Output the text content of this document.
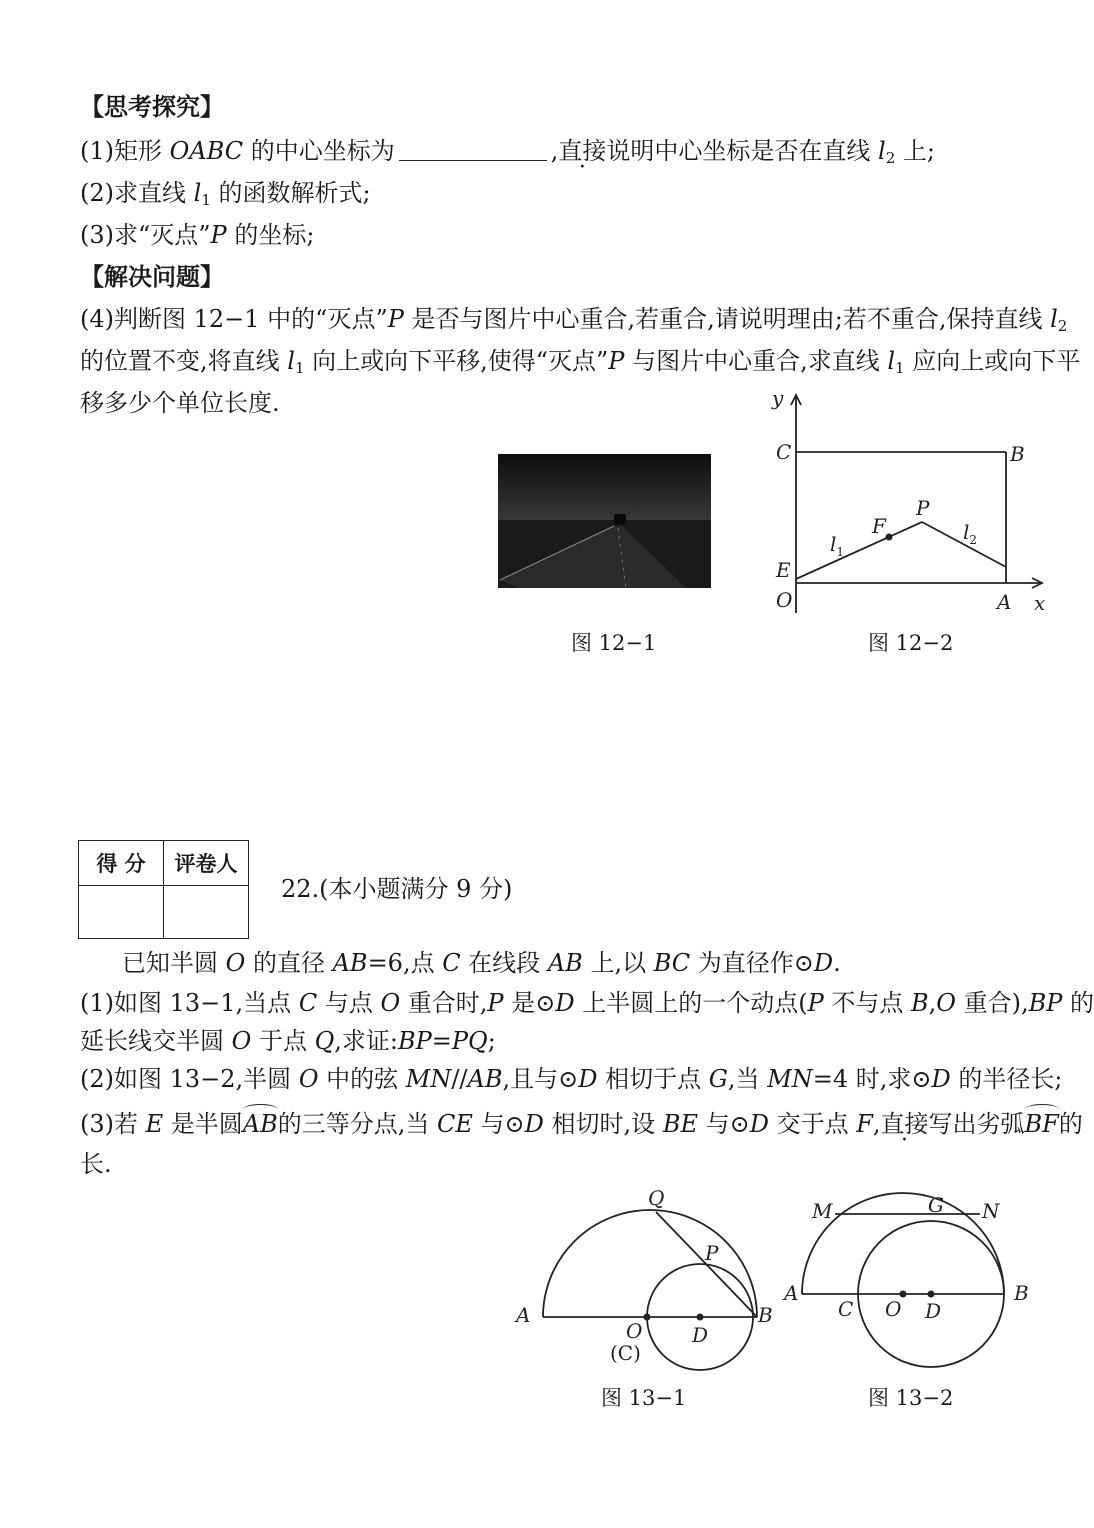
【思考探究】
(1)矩形 OABC 的中心坐标为	,直接说明中心坐标是否在直线 $l_2$ 上;
(2)求直线 $l_1$ 的函数解析式;
(3)求“灭点”P 的坐标;
【解决问题】
(4)判断图 12−1 中的“灭点”P 是否与图片中心重合,若重合,请说明理由;若不重合,保持直线 $l_2$
的位置不变,将直线 $l_1$ 向上或向下平移,使得“灭点”P 与图片中心重合,求直线 $l_1$ 应向上或向下平
移多少个单位长度.
图 12−1
y
x
C	B
O	A
E
F
P
$l_1$
$l_2$
图 12−2
得 分	评卷人

22.(本小题满分 9 分)
已知半圆 O 的直径 AB=6,点 C 在线段 AB 上,以 BC 为直径作⊙D.
(1)如图 13−1,当点 C 与点 O 重合时,P 是⊙D 上半圆上的一个动点(P 不与点 B,O 重合),BP 的
延长线交半圆 O 于点 Q,求证:BP=PQ;
(2)如图 13−2,半圆 O 中的弦 MN//AB,且与⊙D 相切于点 G,当 MN=4 时,求⊙D 的半径长;
(3)若 E 是半圆AB的三等分点,当 CE 与⊙D 相切时,设 BE 与⊙D 交于点 F,直接写出劣弧BF的
长.
Q
P
A
O
(C)
D
B
图 13−1
M	G N
A
C O D
B
图 13−2
